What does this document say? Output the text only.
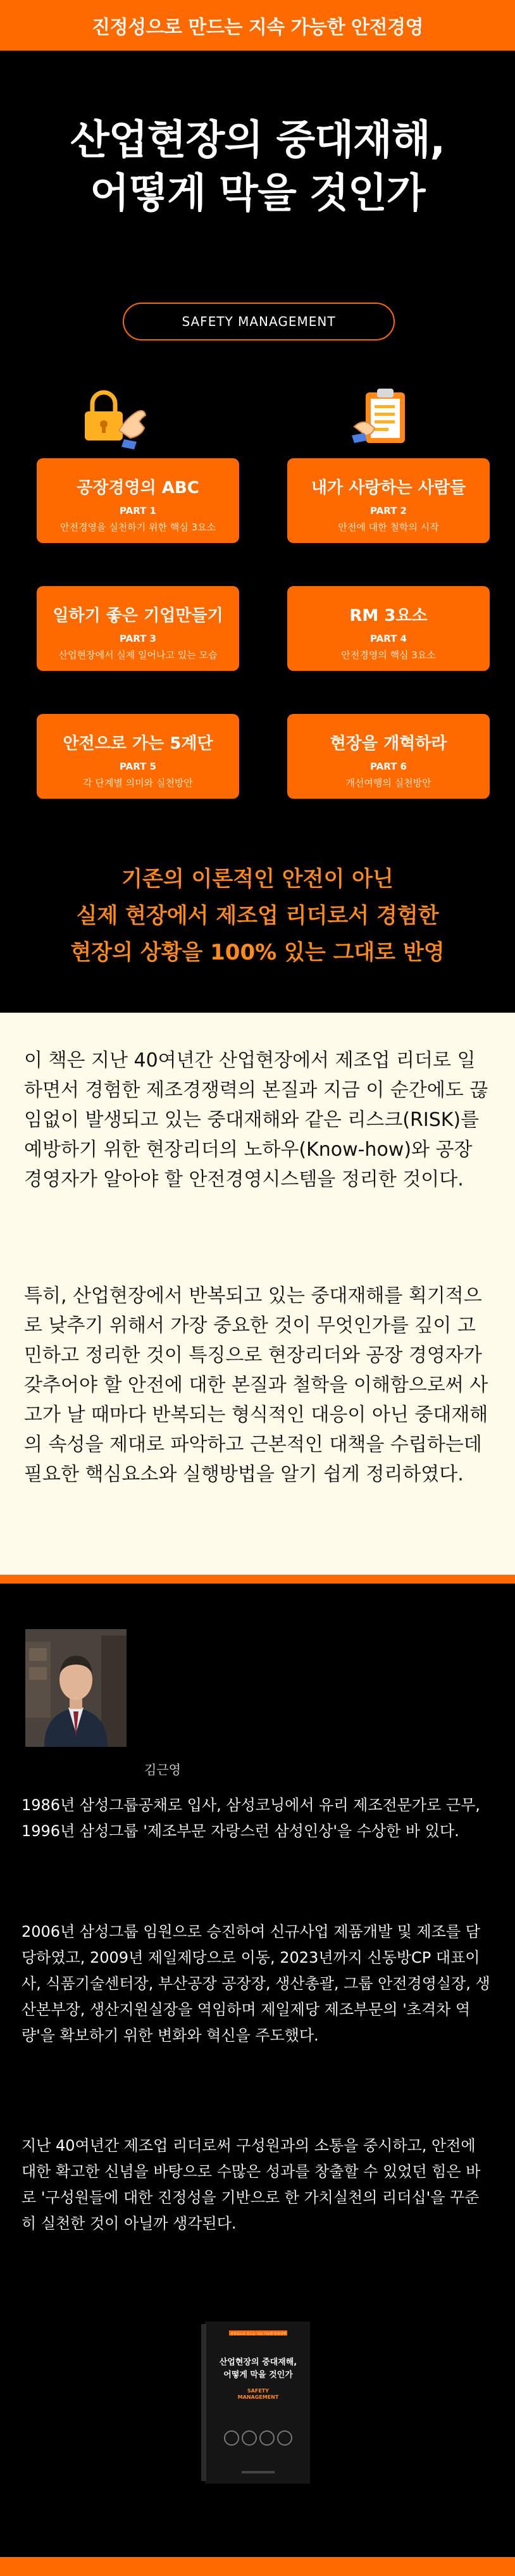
진정성으로 만드는 지속 가능한 안전경영
산업현장의 중대재해,
어떻게 막을 것인가
SAFETY MANAGEMENT
공장경영의 ABC
PART 1
안전경영을 실천하기 위한 핵심 3요소
내가 사랑하는 사람들
PART 2
안전에 대한 철학의 시작
일하기 좋은 기업만들기
PART 3
산업현장에서 실제 일어나고 있는 모습
RM 3요소
PART 4
안전경영의 핵심 3요소
안전으로 가는 5계단
PART 5
각 단계별 의미와 실천방안
현장을 개혁하라
PART 6
개선여행의 실천방안
기존의 이론적인 안전이 아닌
실제 현장에서 제조업 리더로서 경험한
현장의 상황을 100% 있는 그대로 반영

이 책은 지난 40여년간 산업현장에서 제조업 리더로 일하면서 경험한 제조경쟁력의 본질과 지금 이 순간에도 끊임없이 발생되고 있는 중대재해와 같은 리스크(RISK)를 예방하기 위한 현장리더의 노하우(Know-how)와 공장 경영자가 알아야 할 안전경영시스템을 정리한 것이다.

특히, 산업현장에서 반복되고 있는 중대재해를 획기적으로 낮추기 위해서 가장 중요한 것이 무엇인가를 깊이 고민하고 정리한 것이 특징으로 현장리더와 공장 경영자가 갖추어야 할 안전에 대한 본질과 철학을 이해함으로써 사고가 날 때마다 반복되는 형식적인 대응이 아닌 중대재해의 속성을 제대로 파악하고 근본적인 대책을 수립하는데 필요한 핵심요소와 실행방법을 알기 쉽게 정리하였다.

김근영

1986년 삼성그룹공채로 입사, 삼성코닝에서 유리 제조전문가로 근무, 1996년 삼성그룹 '제조부문 자랑스런 삼성인상'을 수상한 바 있다.

2006년 삼성그룹 임원으로 승진하여 신규사업 제품개발 및 제조를 담당하였고, 2009년 제일제당으로 이동, 2023년까지 신동방CP 대표이사, 식품기술센터장, 부산공장 공장장, 생산총괄, 그룹 안전경영실장, 생산본부장, 생산지원실장을 역임하며 제일제당 제조부문의 '초격차 역량'을 확보하기 위한 변화와 혁신을 주도했다.

지난 40여년간 제조업 리더로써 구성원과의 소통을 중시하고, 안전에 대한 확고한 신념을 바탕으로 수많은 성과를 창출할 수 있었던 힘은 바로 '구성원들에 대한 진정성을 기반으로 한 가치실천의 리더십'을 꾸준히 실천한 것이 아닐까 생각된다.

진정성으로 만드는 지속 가능한 안전경영
산업현장의 중대재해,
어떻게 막을 것인가
SAFETY
MANAGEMENT
